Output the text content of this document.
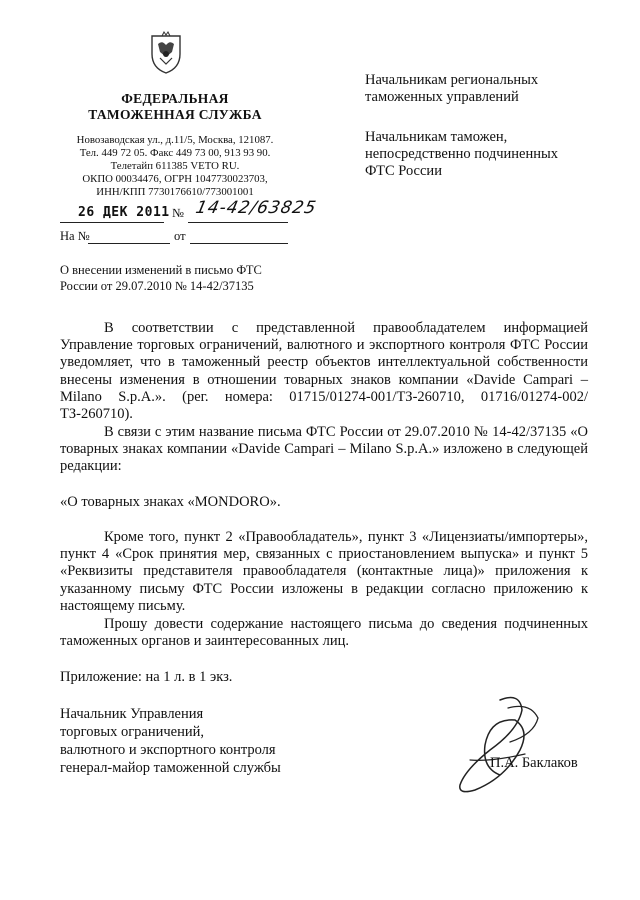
ФЕДЕРАЛЬНАЯ
ТАМОЖЕННАЯ СЛУЖБА
Новозаводская ул., д.11/5, Москва, 121087.
Тел. 449 72 05. Факс 449 73 00, 913 93 90.
Телетайп 611385 VETO RU.
ОКПО 00034476, ОГРН 1047730023703,
ИНН/КПП 7730176610/773001001
Начальникам региональных
таможенных управлений
Начальникам таможен,
непосредственно подчиненных
ФТС России
26 ДЕК 2011 № 14-42/63825
На №	от
О внесении изменений в письмо ФТС
России от 29.07.2010 № 14-42/37135
В соответствии с представленной правообладателем информацией Управление торговых ограничений, валютного и экспортного контроля ФТС России уведомляет, что в таможенный реестр объектов интеллектуальной собственности внесены изменения в отношении товарных знаков компании «Davide Campari – Milano S.p.A.». (рег. номера: 01715/01274-001/ТЗ-260710, 01716/01274-002/ТЗ-260710).
В связи с этим название письма ФТС России от 29.07.2010 № 14-42/37135 «О товарных знаках компании «Davide Campari – Milano S.p.A.» изложено в следующей редакции:
«О товарных знаках «MONDORO».
Кроме того, пункт 2 «Правообладатель», пункт 3 «Лицензиаты/импортеры», пункт 4 «Срок принятия мер, связанных с приостановлением выпуска» и пункт 5 «Реквизиты представителя правообладателя (контактные лица)» приложения к указанному письму ФТС России изложены в редакции согласно приложению к настоящему письму.
Прошу довести содержание настоящего письма до сведения подчиненных таможенных органов и заинтересованных лиц.
Приложение: на 1 л. в 1 экз.
Начальник Управления
торговых ограничений,
валютного и экспортного контроля
генерал-майор таможенной службы	П.А. Баклаков
